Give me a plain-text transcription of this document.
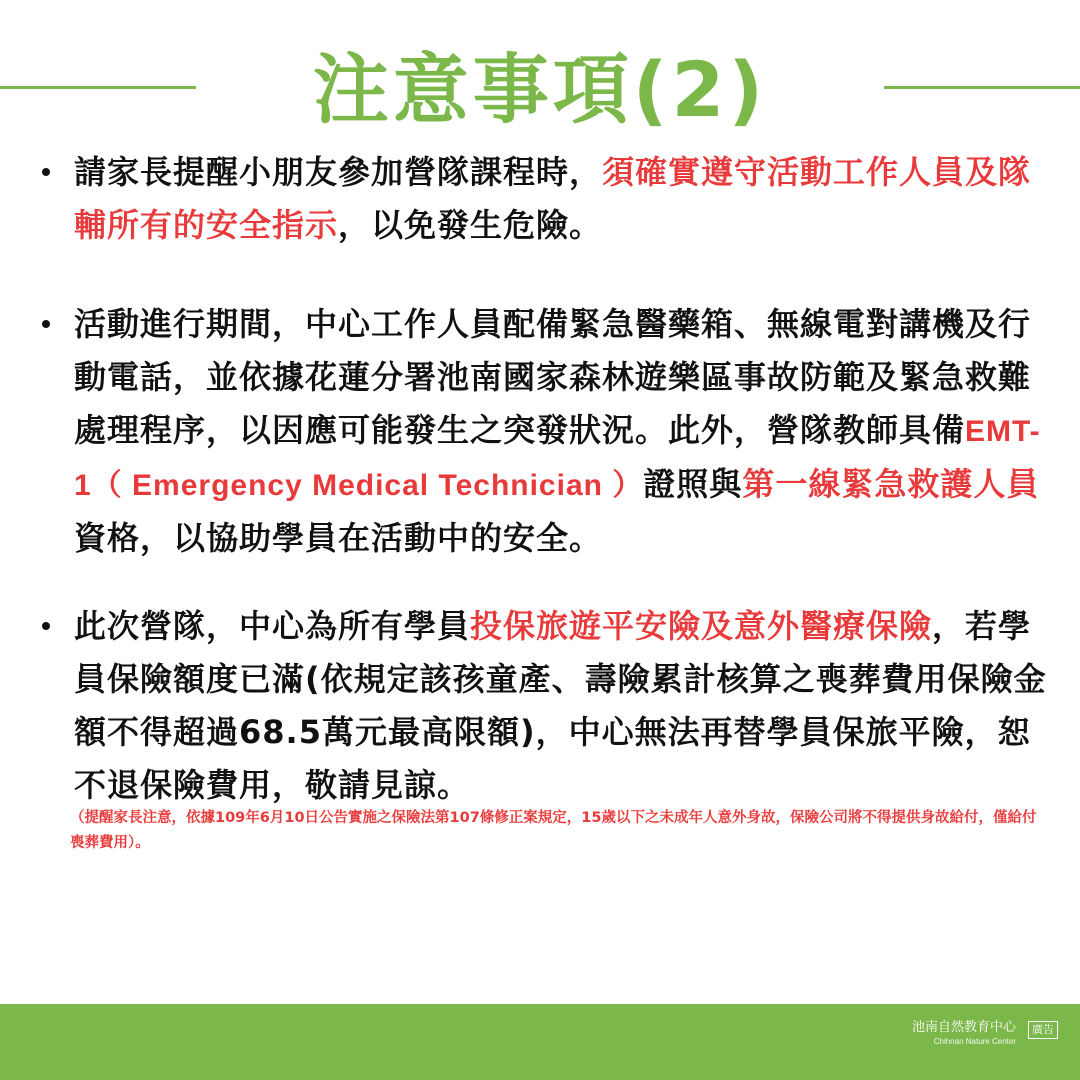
注意事項(2)
請家長提醒小朋友參加營隊課程時，須確實遵守活動工作人員及隊輔所有的安全指示，以免發生危險。
活動進行期間，中心工作人員配備緊急醫藥箱、無線電對講機及行動電話，並依據花蓮分署池南國家森林遊樂區事故防範及緊急救難處理程序，以因應可能發生之突發狀況。此外，營隊教師具備EMT-1（ Emergency Medical Technician ）證照與第一線緊急救護人員資格，以協助學員在活動中的安全。
此次營隊，中心為所有學員投保旅遊平安險及意外醫療保險，若學員保險額度已滿(依規定該孩童產、壽險累計核算之喪葬費用保險金額不得超過68.5萬元最高限額)，中心無法再替學員保旅平險，恕不退保險費用，敬請見諒。
（提醒家長注意，依據109年6月10日公告實施之保險法第107條修正案規定，15歲以下之未成年人意外身故，保險公司將不得提供身故給付，僅給付喪葬費用）。
池南自然教育中心
Chihnan Nature Center
廣告
